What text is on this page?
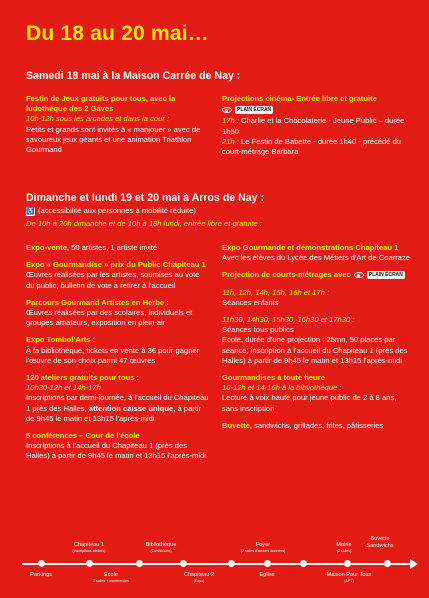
Du 18 au 20 mai…
Samedi 18 mai à la Maison Carrée de Nay :
Festin de Jeux gratuits pour tous, avec la ludothèque des 2 Gaves
10h-12h sous les arcades et dans la cour :
Petits et grands sont invités à « manjouer » avec de savoureux jeux géants et une animation Triathlon Gourmand
Projections cinéma- Entrée libre et gratuite
PLAIN ÉCRAN
17h : Charlie et la Chocolaterie - Jeune Public – durée 1h50
21h : Le Festin de Babette - durée 1h40 - précédé du court-métrage Barbara
Dimanche et lundi 19 et 20 mai à Arros de Nay :
♿ (accessibilité aux personnes à mobilité réduite)
De 10h à 20h dimanche et de 10h à 18h lundi, entrée libre et gratuite :
Expo-vente, 50 artistes, 1 artiste invité
Expo « Gourmandise » prix du Public Chapiteau 1
Œuvres réalisées par les artistes, soumises au vote du public, bulletin de vote à retirer à l'accueil
Parcours Gourmand Artistes en Herbe :
Œuvres réalisées par des scolaires, individuels et groupes amateurs, exposition en plein-air
Expo Tombol'Arts :
À la bibliothèque, tickets en vente à 3€ pour gagner l'œuvre de son choix parmi 47 œuvres
120 ateliers gratuits pour tous :
10h30-12h et 14h-17h
Inscriptions par demi-journée, à l'accueil du Chapiteau 1 près des Halles, attention caisse unique, à partir de 9h45 le matin et 13h15 l'après-midi
5 conférences – Cour de l'école
Inscriptions à l'accueil du Chapiteau 1 (près des Halles) à partir de 9h45 le matin et 13h15 l'après-midi
Expo Gourmande et démonstrations Chapiteau 1
Avec les élèves du Lycée des Métiers d'Art de Coarraze
Projection de courts-métrages avec	PLAIN ÉCRAN
11h, 12h, 14h, 15h, 16h et 17h :
Séances enfants
11h30, 14h30, 15h30, 16h30 et 17h30 :
Séances tous publics
Ecole, durée d'une projection : 25mn, 50 places par séance, inscription à l'accueil du Chapiteau 1 (près des Halles) à partir de 9h45 le matin et 13h15 l'après-midi
Gourmandises à toute heure
10-12h et 14-16h à la bibliothèque :
Lecture à voix haute pour jeune public de 2 à 8 ans, sans inscription
Buvette, sandwichs, grillades, frites, pâtisseries
Chapiteau 1
(inscriptions ateliers)
Bibliothèque
(Tombol'Arts)
Foyer
(2 salles d'ateliers données)
Mairie
(2 salles)
Buvette Sandwichs
Parkings	Ecole
2 salles + conférences
Chapiteau 2
(Expo)
Eglise	Maison Pour Tous
(APT)
